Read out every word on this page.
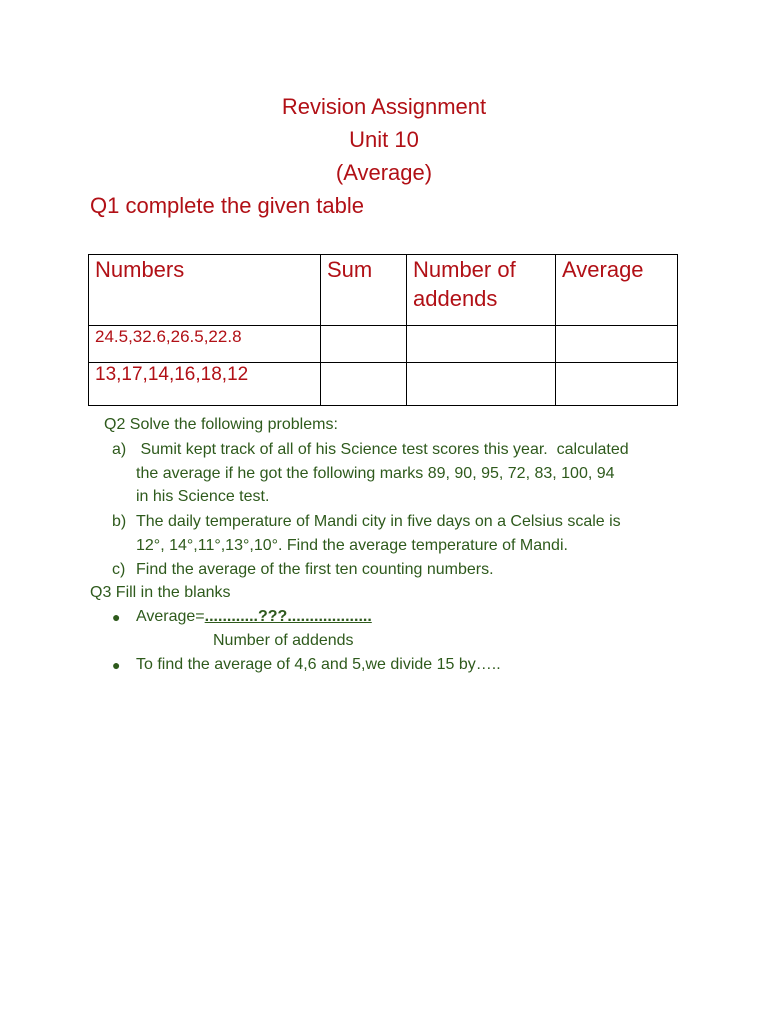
Revision Assignment
Unit 10
(Average)
Q1 complete the given table
Numbers	Sum	Number of addends	Average
24.5,32.6,26.5,22.8			
13,17,14,16,18,12			
Q2 Solve the following problems:
a) Sumit kept track of all of his Science test scores this year.  calculated
the average if he got the following marks 89, 90, 95, 72, 83, 100, 94
in his Science test.
b) The daily temperature of Mandi city in five days on a Celsius scale is
12°, 14°,11°,13°,10°. Find the average temperature of Mandi.
c) Find the average of the first ten counting numbers.
Q3 Fill in the blanks
● Average=............???...................
Number of addends
● To find the average of 4,6 and 5,we divide 15 by…..
